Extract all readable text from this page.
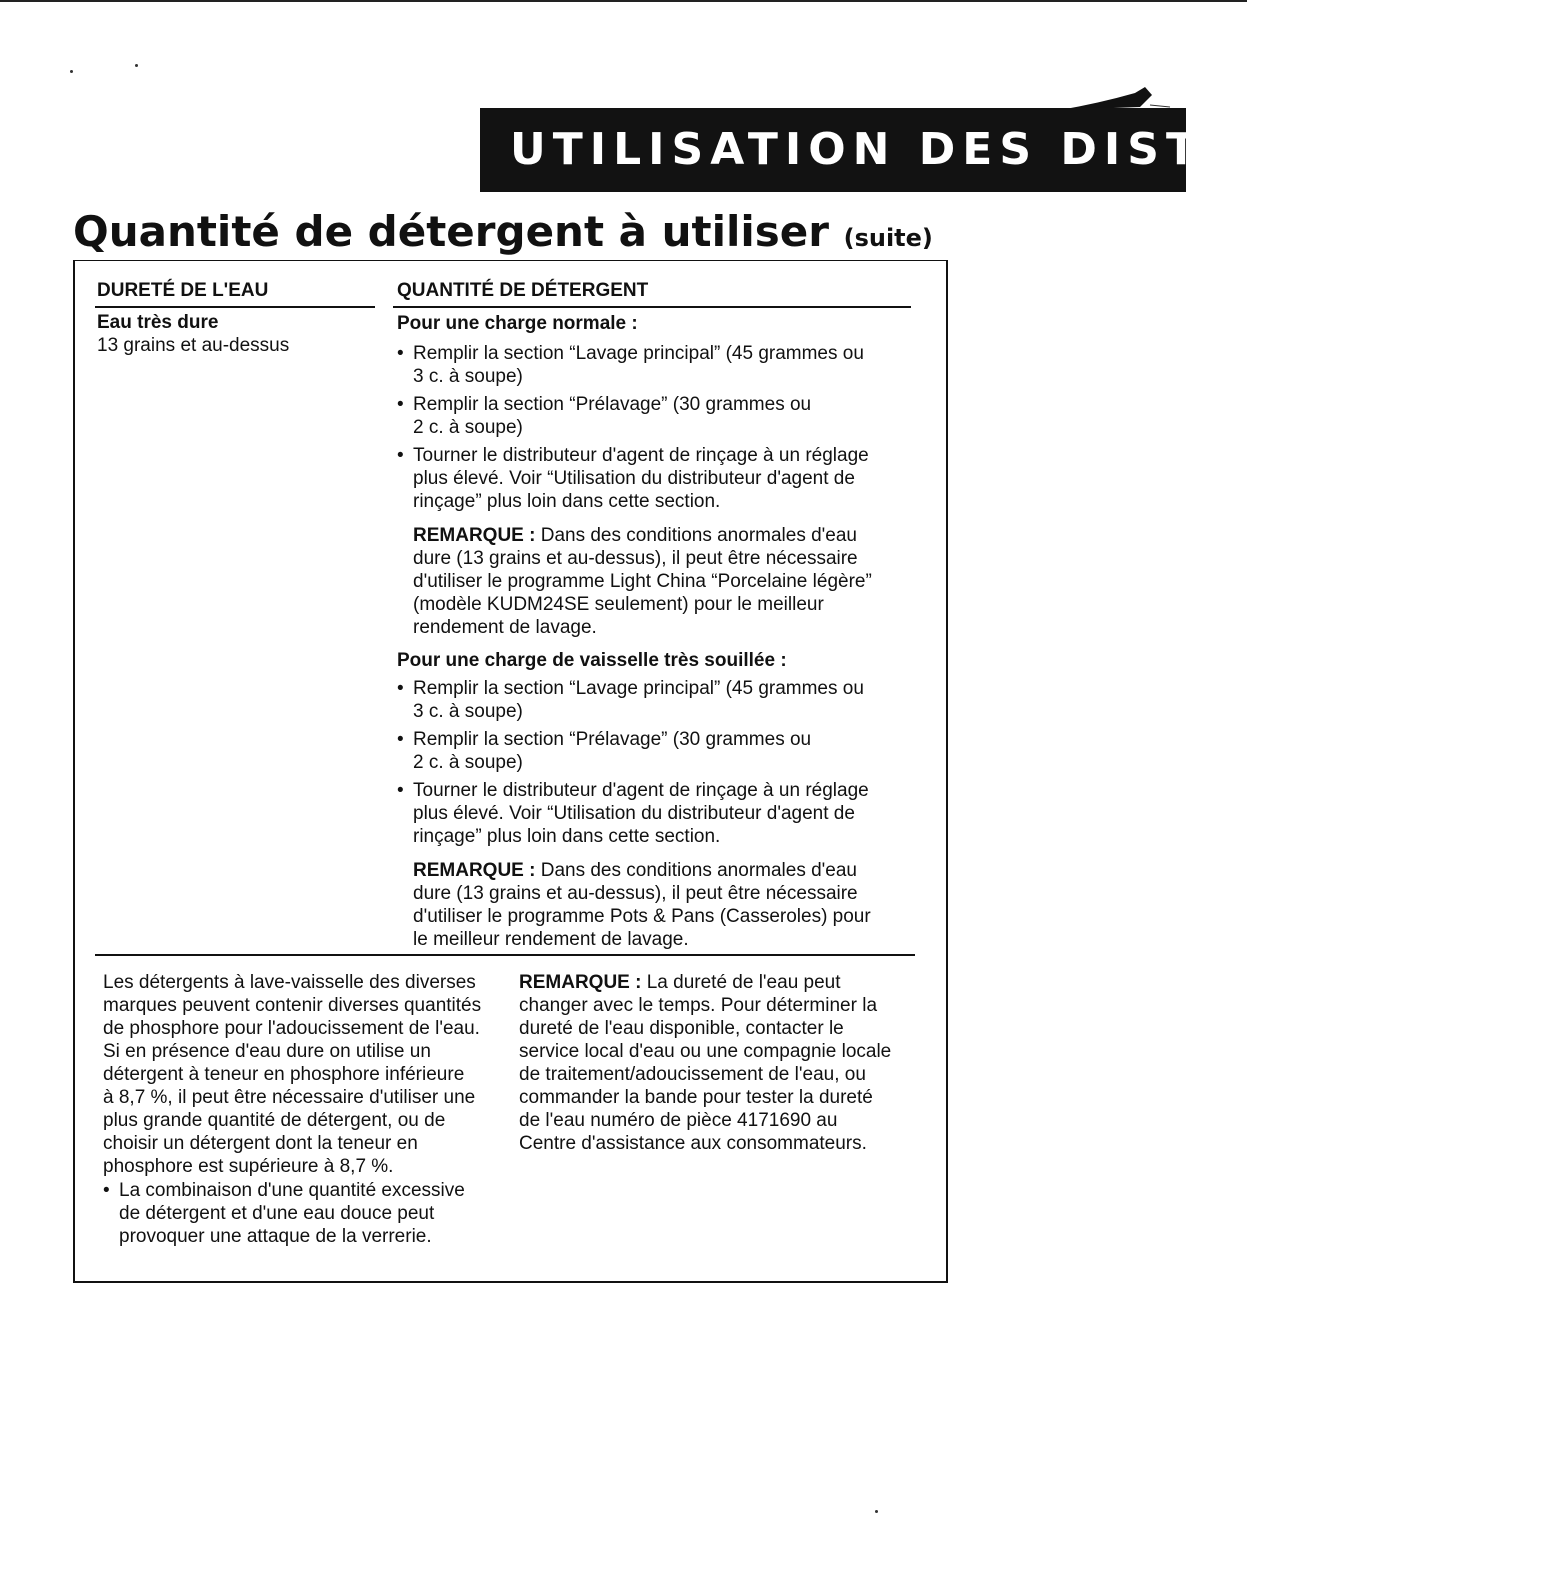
UTILISATION DES DISTRIBUTEURS
Quantité de détergent à utiliser (suite)
DURETÉ DE L'EAU	QUANTITÉ DE DÉTERGENT
Eau très dure
13 grains et au-dessus
Pour une charge normale :
• Remplir la section “Lavage principal” (45 grammes ou
3 c. à soupe)
• Remplir la section “Prélavage” (30 grammes ou
2 c. à soupe)
• Tourner le distributeur d'agent de rinçage à un réglage
plus élevé. Voir “Utilisation du distributeur d'agent de
rinçage” plus loin dans cette section.
REMARQUE : Dans des conditions anormales d'eau
dure (13 grains et au-dessus), il peut être nécessaire
d'utiliser le programme Light China “Porcelaine légère”
(modèle KUDM24SE seulement) pour le meilleur
rendement de lavage.
Pour une charge de vaisselle très souillée :
• Remplir la section “Lavage principal” (45 grammes ou
3 c. à soupe)
• Remplir la section “Prélavage” (30 grammes ou
2 c. à soupe)
• Tourner le distributeur d'agent de rinçage à un réglage
plus élevé. Voir “Utilisation du distributeur d'agent de
rinçage” plus loin dans cette section.
REMARQUE : Dans des conditions anormales d'eau
dure (13 grains et au-dessus), il peut être nécessaire
d'utiliser le programme Pots & Pans (Casseroles) pour
le meilleur rendement de lavage.
Les détergents à lave-vaisselle des diverses
marques peuvent contenir diverses quantités
de phosphore pour l'adoucissement de l'eau.
Si en présence d'eau dure on utilise un
détergent à teneur en phosphore inférieure
à 8,7 %, il peut être nécessaire d'utiliser une
plus grande quantité de détergent, ou de
choisir un détergent dont la teneur en
phosphore est supérieure à 8,7 %.
• La combinaison d'une quantité excessive
de détergent et d'une eau douce peut
provoquer une attaque de la verrerie.
REMARQUE : La dureté de l'eau peut
changer avec le temps. Pour déterminer la
dureté de l'eau disponible, contacter le
service local d'eau ou une compagnie locale
de traitement/adoucissement de l'eau, ou
commander la bande pour tester la dureté
de l'eau numéro de pièce 4171690 au
Centre d'assistance aux consommateurs.
